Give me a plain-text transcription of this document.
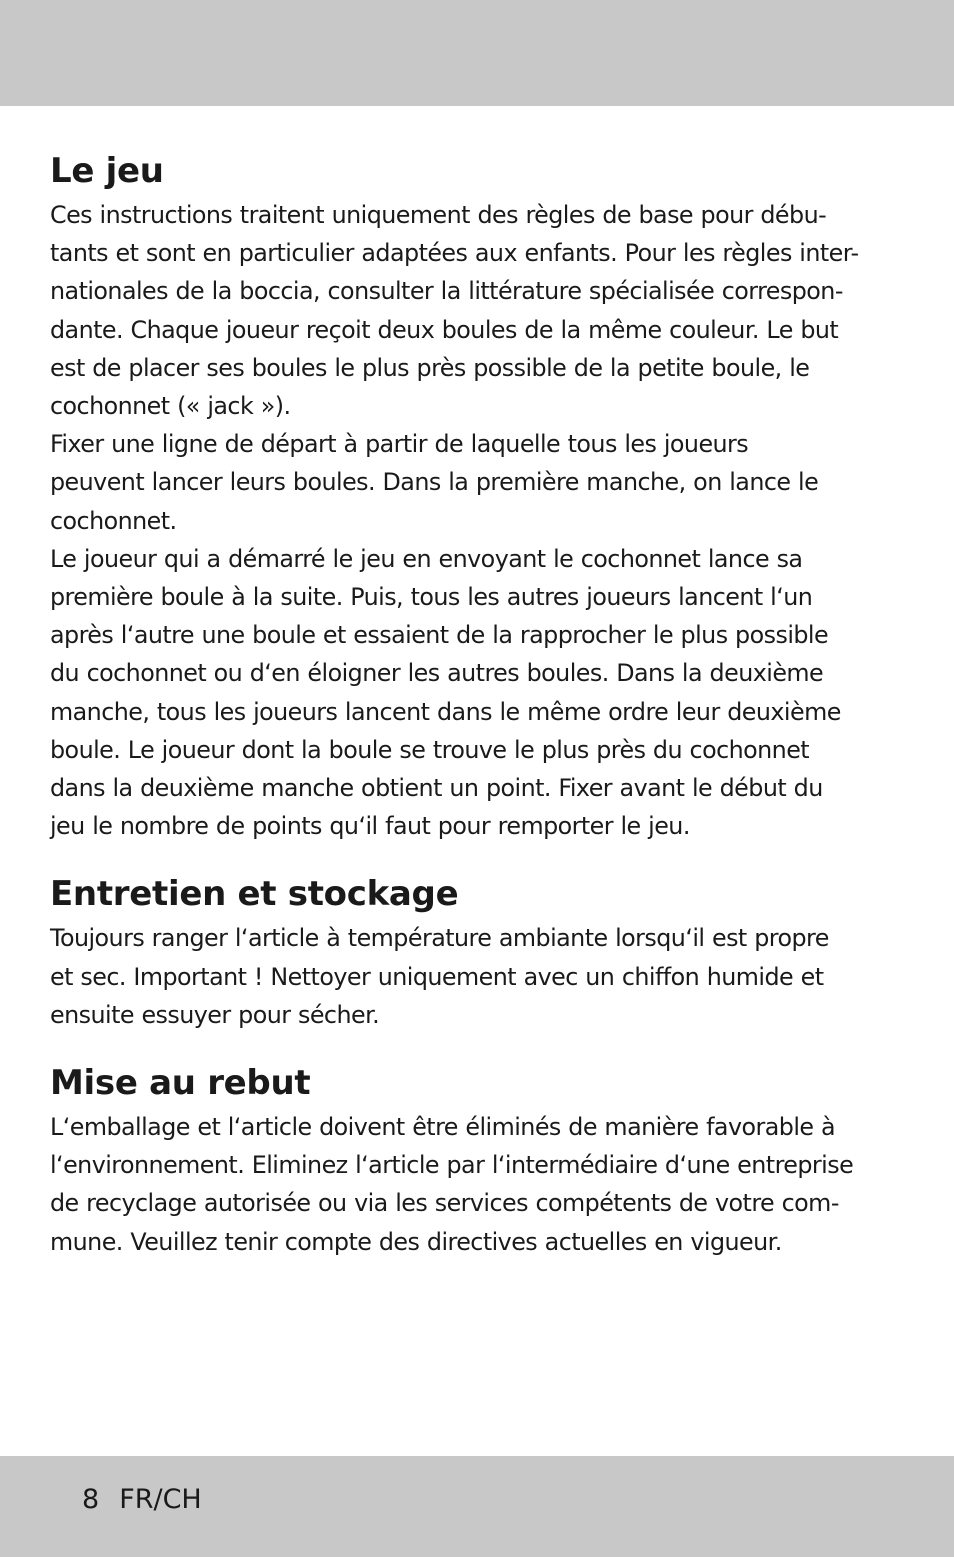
Le jeu

Ces instructions traitent uniquement des règles de base pour débu-
tants et sont en particulier adaptées aux enfants. Pour les règles inter-
nationales de la boccia, consulter la littérature spécialisée correspon-
dante. Chaque joueur reçoit deux boules de la même couleur. Le but
est de placer ses boules le plus près possible de la petite boule, le
cochonnet (« jack »).

Fixer une ligne de départ à partir de laquelle tous les joueurs
peuvent lancer leurs boules. Dans la première manche, on lance le
cochonnet.

Le joueur qui a démarré le jeu en envoyant le cochonnet lance sa
première boule à la suite. Puis, tous les autres joueurs lancent l‘un
après l‘autre une boule et essaient de la rapprocher le plus possible
du cochonnet ou d‘en éloigner les autres boules. Dans la deuxième
manche, tous les joueurs lancent dans le même ordre leur deuxième
boule. Le joueur dont la boule se trouve le plus près du cochonnet
dans la deuxième manche obtient un point. Fixer avant le début du
jeu le nombre de points qu‘il faut pour remporter le jeu.

Entretien et stockage

Toujours ranger l‘article à température ambiante lorsqu‘il est propre
et sec. Important ! Nettoyer uniquement avec un chiffon humide et
ensuite essuyer pour sécher.

Mise au rebut

L‘emballage et l‘article doivent être éliminés de manière favorable à
l‘environnement. Eliminez l‘article par l‘intermédiaire d‘une entreprise
de recyclage autorisée ou via les services compétents de votre com-
mune. Veuillez tenir compte des directives actuelles en vigueur.

8 FR/CH
